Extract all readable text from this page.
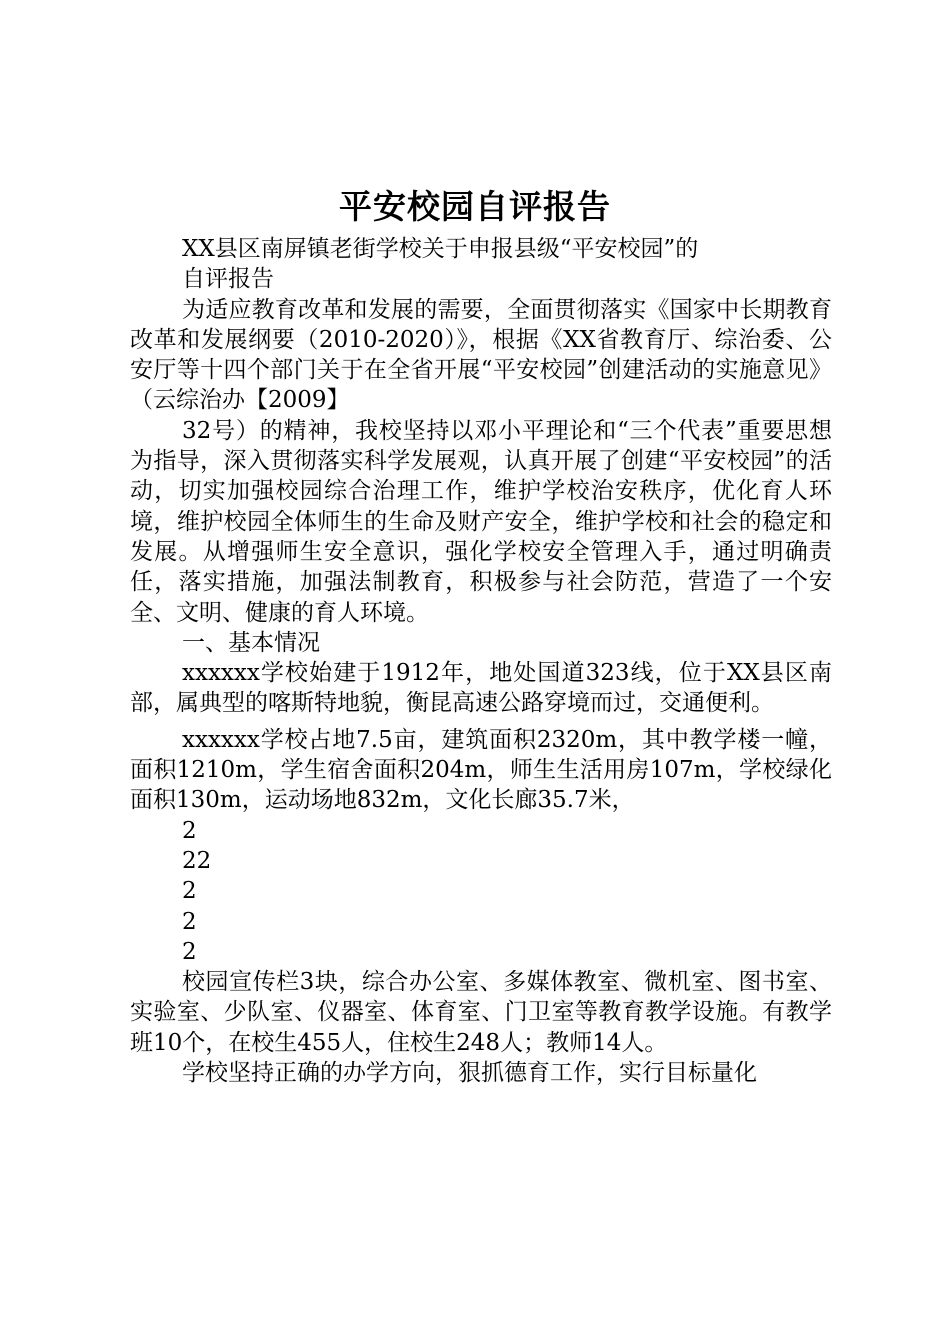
平安校园自评报告

XX县区南屏镇老街学校关于申报县级“平安校园”的

自评报告

为适应教育改革和发展的需要，全面贯彻落实《国家中长期教育改革和发展纲要（2010-2020）》，根据《XX省教育厅、综治委、公安厅等十四个部门关于在全省开展“平安校园”创建活动的实施意见》（云综治办【2009】

32号）的精神，我校坚持以邓小平理论和“三个代表”重要思想为指导，深入贯彻落实科学发展观，认真开展了创建“平安校园”的活动，切实加强校园综合治理工作，维护学校治安秩序，优化育人环境，维护校园全体师生的生命及财产安全，维护学校和社会的稳定和发展。从增强师生安全意识，强化学校安全管理入手，通过明确责任，落实措施，加强法制教育，积极参与社会防范，营造了一个安全、文明、健康的育人环境。

一、基本情况

xxxxxx学校始建于1912年，地处国道323线，位于XX县区南部，属典型的喀斯特地貌，衡昆高速公路穿境而过，交通便利。

xxxxxx学校占地7.5亩，建筑面积2320m，其中教学楼一幢，面积1210m，学生宿舍面积204m，师生生活用房107m，学校绿化面积130m，运动场地832m，文化长廊35.7米，

2

22

2

2

2

校园宣传栏3块，综合办公室、多媒体教室、微机室、图书室、实验室、少队室、仪器室、体育室、门卫室等教育教学设施。有教学班10个，在校生455人，住校生248人；教师14人。

学校坚持正确的办学方向，狠抓德育工作，实行目标量化
